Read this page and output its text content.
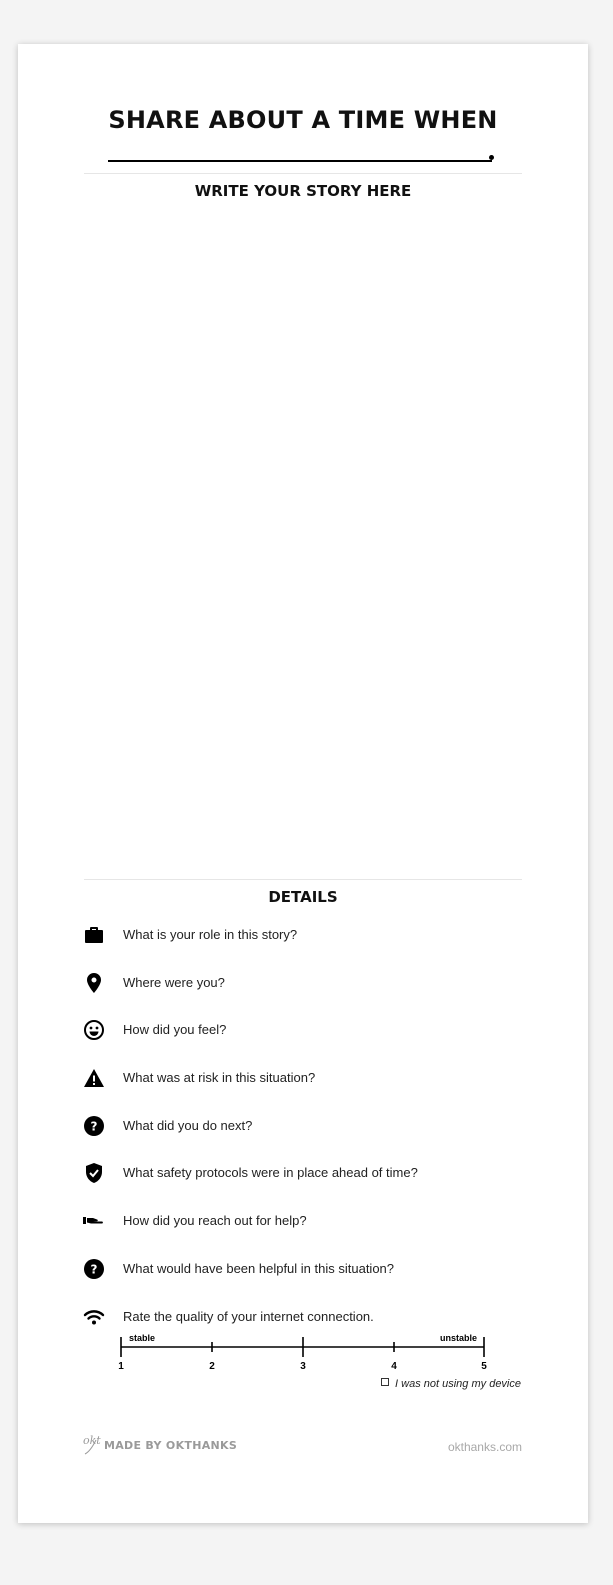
SHARE ABOUT A TIME WHEN
WRITE YOUR STORY HERE
DETAILS
What is your role in this story?
Where were you?
How did you feel?
What was at risk in this situation?
? What did you do next?
What safety protocols were in place ahead of time?
How did you reach out for help?
? What would have been helpful in this situation?
Rate the quality of your internet connection.
stable	unstable
1	2	3	4	5
I was not using my device
okt MADE BY OKTHANKS	okthanks.com
